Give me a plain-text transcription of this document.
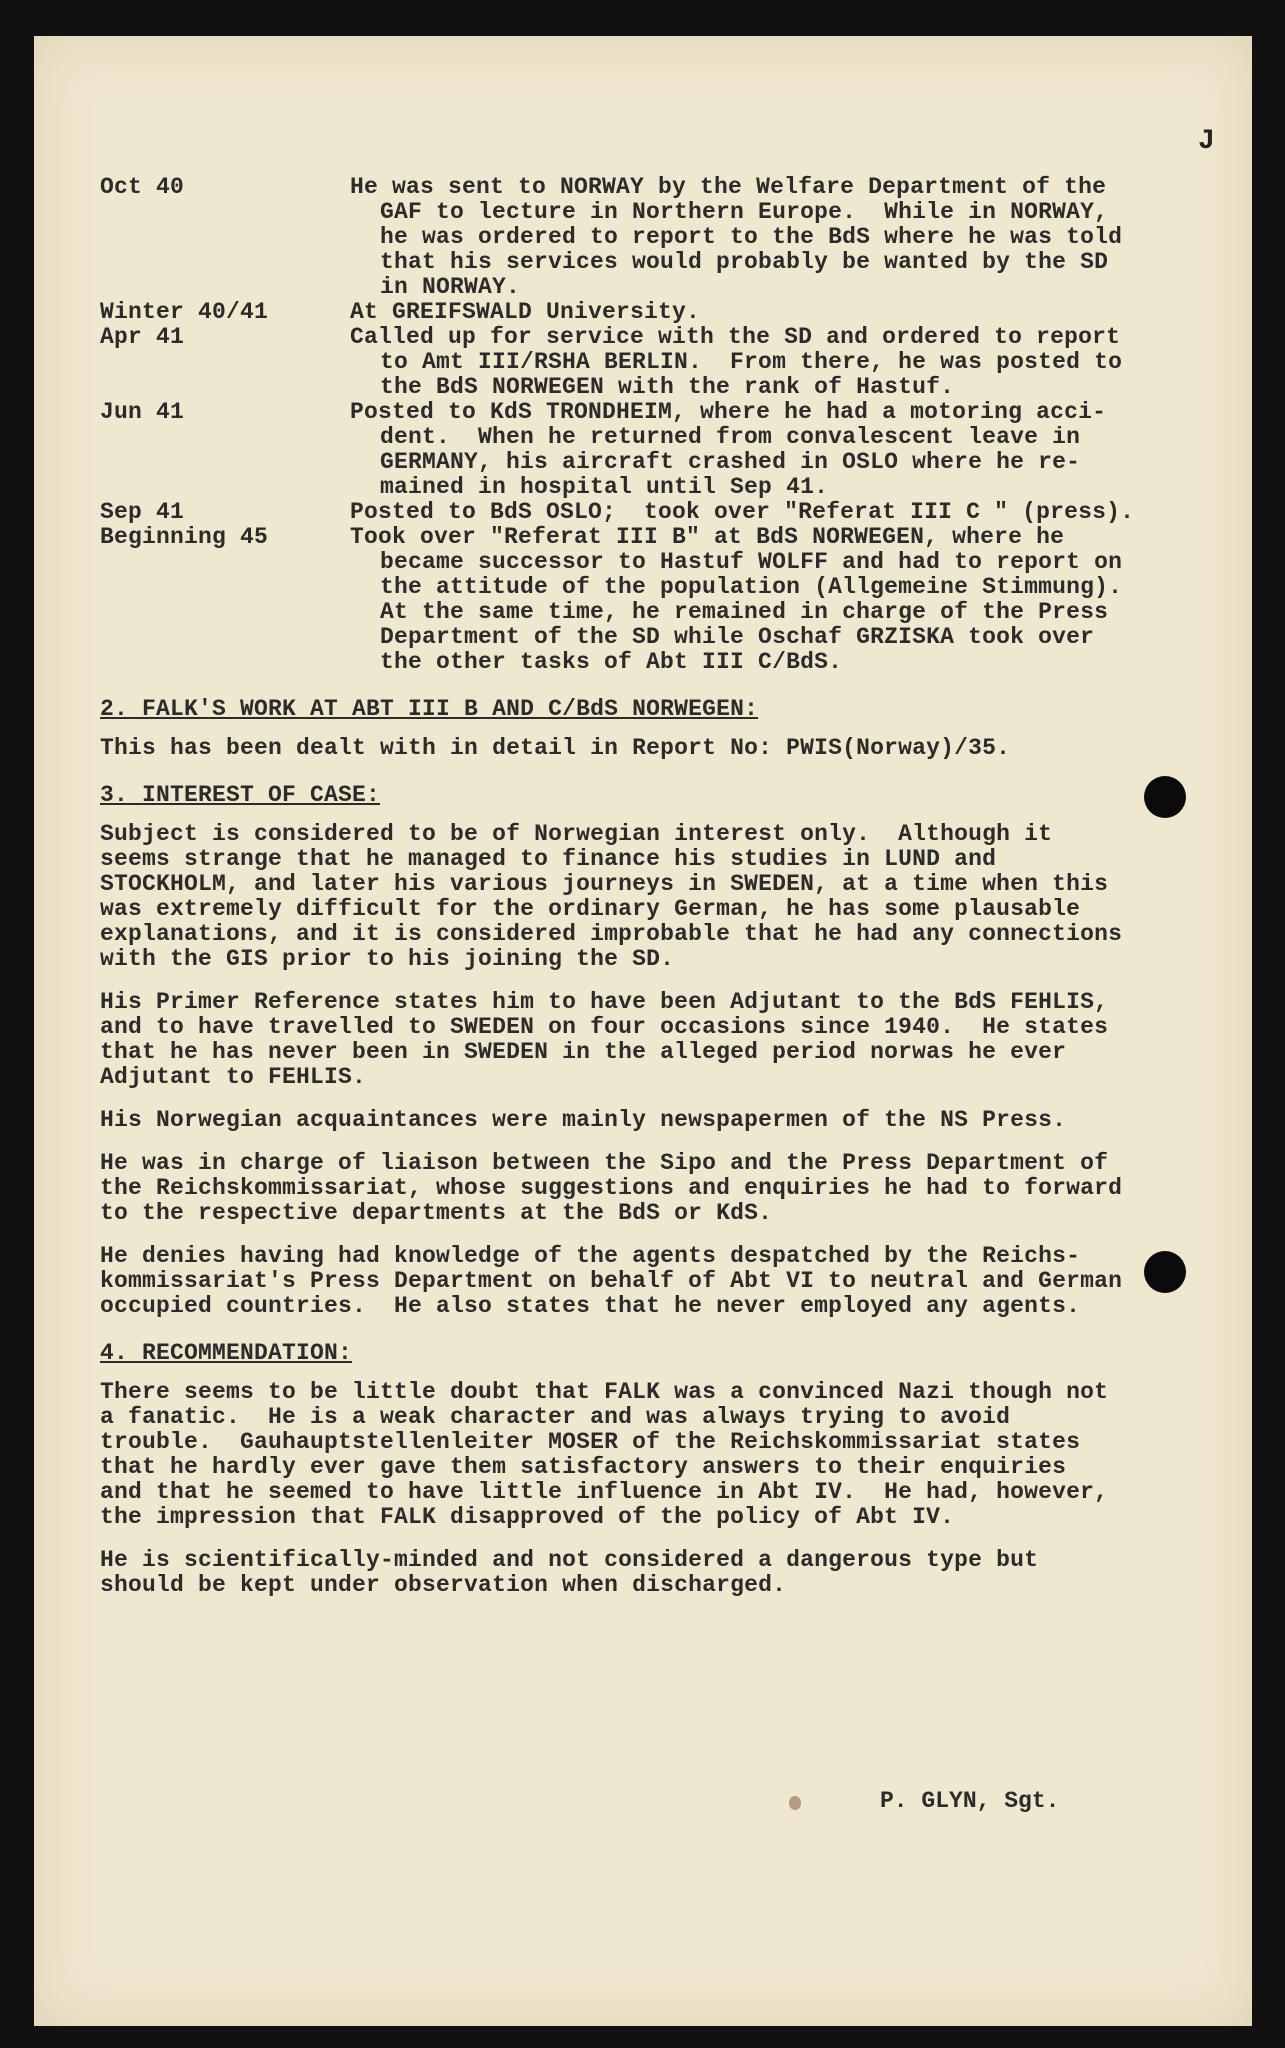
J
Oct 40	He was sent to NORWAY by the Welfare Department of the
GAF to lecture in Northern Europe.  While in NORWAY,
he was ordered to report to the BdS where he was told
that his services would probably be wanted by the SD
in NORWAY.
Winter 40/41	At GREIFSWALD University.
Apr 41	Called up for service with the SD and ordered to report
to Amt III/RSHA BERLIN.  From there, he was posted to
the BdS NORWEGEN with the rank of Hastuf.
Jun 41	Posted to KdS TRONDHEIM, where he had a motoring acci-
dent.  When he returned from convalescent leave in
GERMANY, his aircraft crashed in OSLO where he re-
mained in hospital until Sep 41.
Sep 41	Posted to BdS OSLO;  took over "Referat III C " (press).
Beginning 45	Took over "Referat III B" at BdS NORWEGEN, where he
became successor to Hastuf WOLFF and had to report on
the attitude of the population (Allgemeine Stimmung).
At the same time, he remained in charge of the Press
Department of the SD while Oschaf GRZISKA took over
the other tasks of Abt III C/BdS.
2. FALK'S WORK AT ABT III B AND C/BdS NORWEGEN:
This has been dealt with in detail in Report No: PWIS(Norway)/35.
3. INTEREST OF CASE:
Subject is considered to be of Norwegian interest only.  Although it
seems strange that he managed to finance his studies in LUND and
STOCKHOLM, and later his various journeys in SWEDEN, at a time when this
was extremely difficult for the ordinary German, he has some plausable
explanations, and it is considered improbable that he had any connections
with the GIS prior to his joining the SD.
His Primer Reference states him to have been Adjutant to the BdS FEHLIS,
and to have travelled to SWEDEN on four occasions since 1940.  He states
that he has never been in SWEDEN in the alleged period norwas he ever
Adjutant to FEHLIS.
His Norwegian acquaintances were mainly newspapermen of the NS Press.
He was in charge of liaison between the Sipo and the Press Department of
the Reichskommissariat, whose suggestions and enquiries he had to forward
to the respective departments at the BdS or KdS.
He denies having had knowledge of the agents despatched by the Reichs-
kommissariat's Press Department on behalf of Abt VI to neutral and German
occupied countries.  He also states that he never employed any agents.
4. RECOMMENDATION:
There seems to be little doubt that FALK was a convinced Nazi though not
a fanatic.  He is a weak character and was always trying to avoid
trouble.  Gauhauptstellenleiter MOSER of the Reichskommissariat states
that he hardly ever gave them satisfactory answers to their enquiries
and that he seemed to have little influence in Abt IV.  He had, however,
the impression that FALK disapproved of the policy of Abt IV.
He is scientifically-minded and not considered a dangerous type but
should be kept under observation when discharged.
P. GLYN, Sgt.
